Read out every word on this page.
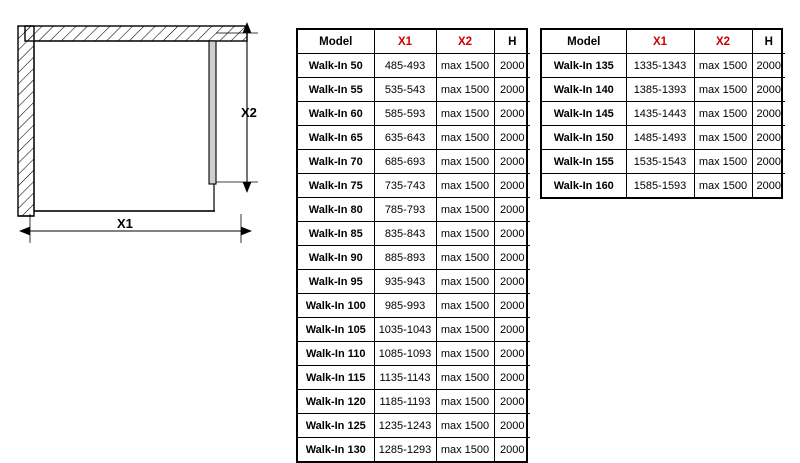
X2
X1
Model	X1	X2	H
Walk-In 50	485-493	max 1500	2000
Walk-In 55	535-543	max 1500	2000
Walk-In 60	585-593	max 1500	2000
Walk-In 65	635-643	max 1500	2000
Walk-In 70	685-693	max 1500	2000
Walk-In 75	735-743	max 1500	2000
Walk-In 80	785-793	max 1500	2000
Walk-In 85	835-843	max 1500	2000
Walk-In 90	885-893	max 1500	2000
Walk-In 95	935-943	max 1500	2000
Walk-In 100	985-993	max 1500	2000
Walk-In 105	1035-1043	max 1500	2000
Walk-In 110	1085-1093	max 1500	2000
Walk-In 115	1135-1143	max 1500	2000
Walk-In 120	1185-1193	max 1500	2000
Walk-In 125	1235-1243	max 1500	2000
Walk-In 130	1285-1293	max 1500	2000
Model	X1	X2	H
Walk-In 135	1335-1343	max 1500	2000
Walk-In 140	1385-1393	max 1500	2000
Walk-In 145	1435-1443	max 1500	2000
Walk-In 150	1485-1493	max 1500	2000
Walk-In 155	1535-1543	max 1500	2000
Walk-In 160	1585-1593	max 1500	2000
